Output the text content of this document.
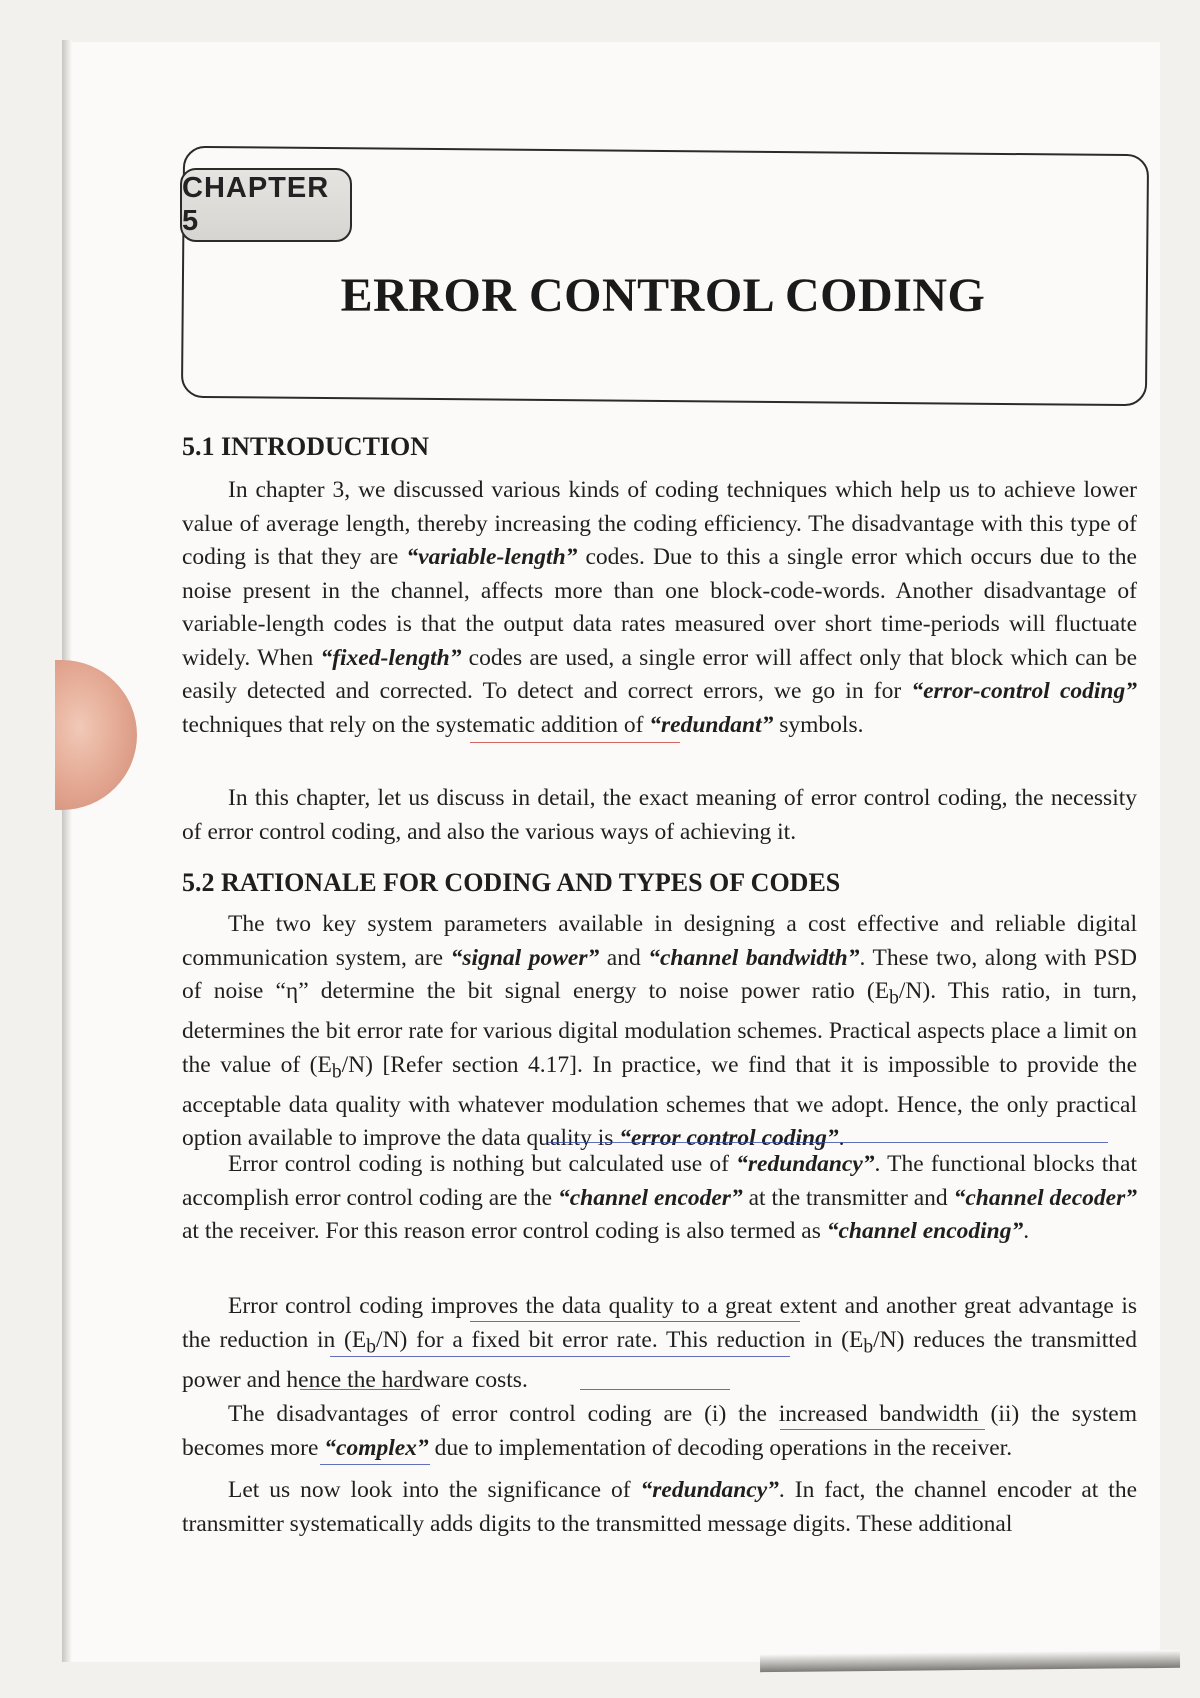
CHAPTER 5
ERROR CONTROL CODING
5.1 INTRODUCTION
In chapter 3, we discussed various kinds of coding techniques which help us to achieve lower value of average length, thereby increasing the coding efficiency. The disadvantage with this type of coding is that they are “variable-length” codes. Due to this a single error which occurs due to the noise present in the channel, affects more than one block-code-words. Another disadvantage of variable-length codes is that the output data rates measured over short time-periods will fluctuate widely. When “fixed-length” codes are used, a single error will affect only that block which can be easily detected and corrected. To detect and correct errors, we go in for “error-control coding” techniques that rely on the systematic addition of “redundant” symbols.
In this chapter, let us discuss in detail, the exact meaning of error control coding, the necessity of error control coding, and also the various ways of achieving it.
5.2 RATIONALE FOR CODING AND TYPES OF CODES
The two key system parameters available in designing a cost effective and reliable digital communication system, are “signal power” and “channel bandwidth”. These two, along with PSD of noise “η” determine the bit signal energy to noise power ratio $(E_b/N)$. This ratio, in turn, determines the bit error rate for various digital modulation schemes. Practical aspects place a limit on the value of $(E_b/N)$ [Refer section 4.17]. In practice, we find that it is impossible to provide the acceptable data quality with whatever modulation schemes that we adopt. Hence, the only practical option available to improve the data quality is “error control coding”.
Error control coding is nothing but calculated use of “redundancy”. The functional blocks that accomplish error control coding are the “channel encoder” at the transmitter and “channel decoder” at the receiver. For this reason error control coding is also termed as “channel encoding”.
Error control coding improves the data quality to a great extent and another great advantage is the reduction in $(E_b/N)$ for a fixed bit error rate. This reduction in $(E_b/N)$ reduces the transmitted power and hence the hardware costs.
The disadvantages of error control coding are (i) the increased bandwidth (ii) the system becomes more “complex” due to implementation of decoding operations in the receiver.
Let us now look into the significance of “redundancy”. In fact, the channel encoder at the transmitter systematically adds digits to the transmitted message digits. These additional
